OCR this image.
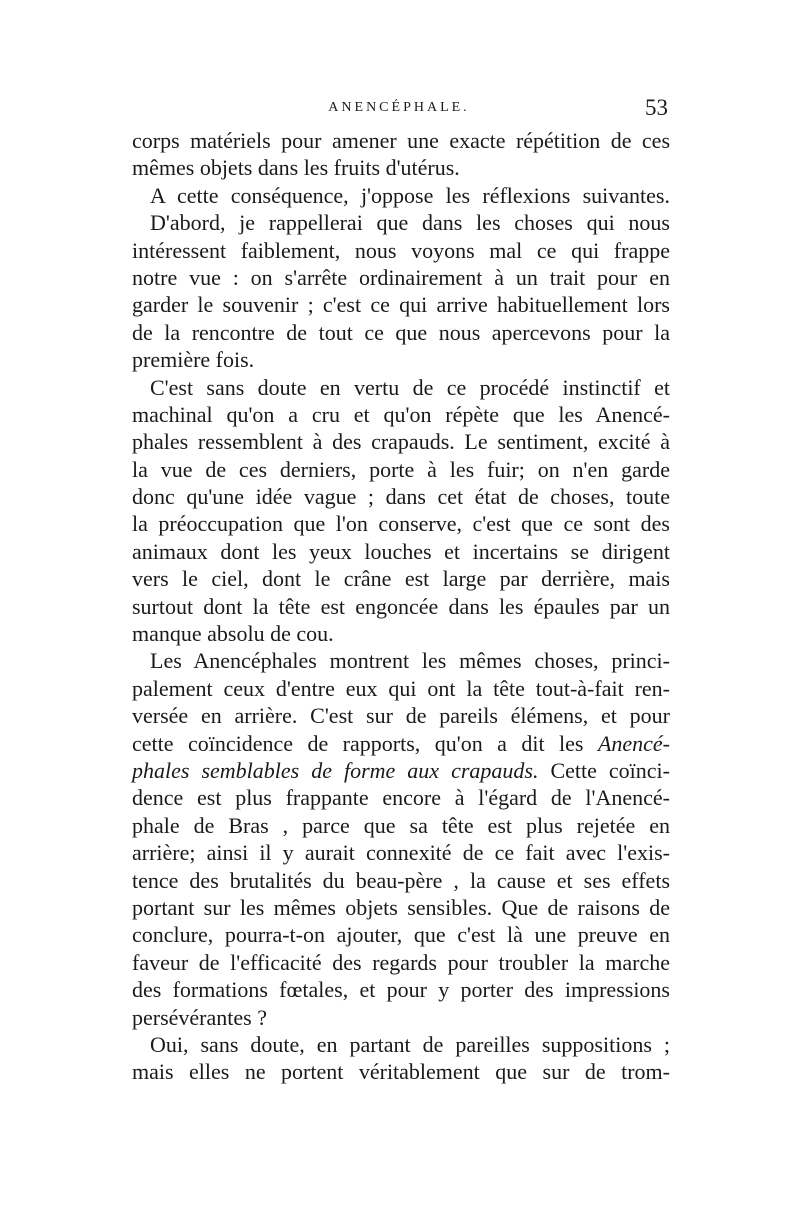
ANENCÉPHALE.	53
corps matériels pour amener une exacte répétition de ces
mêmes objets dans les fruits d'utérus.
A cette conséquence, j'oppose les réflexions suivantes.
D'abord, je rappellerai que dans les choses qui nous
intéressent faiblement, nous voyons mal ce qui frappe
notre vue : on s'arrête ordinairement à un trait pour en
garder le souvenir ; c'est ce qui arrive habituellement lors
de la rencontre de tout ce que nous apercevons pour la
première fois.
C'est sans doute en vertu de ce procédé instinctif et
machinal qu'on a cru et qu'on répète que les Anencé-
phales ressemblent à des crapauds. Le sentiment, excité à
la vue de ces derniers, porte à les fuir; on n'en garde
donc qu'une idée vague ; dans cet état de choses, toute
la préoccupation que l'on conserve, c'est que ce sont des
animaux dont les yeux louches et incertains se dirigent
vers le ciel, dont le crâne est large par derrière, mais
surtout dont la tête est engoncée dans les épaules par un
manque absolu de cou.
Les Anencéphales montrent les mêmes choses, princi-
palement ceux d'entre eux qui ont la tête tout-à-fait ren-
versée en arrière. C'est sur de pareils élémens, et pour
cette coïncidence de rapports, qu'on a dit les Anencé-
phales semblables de forme aux crapauds. Cette coïnci-
dence est plus frappante encore à l'égard de l'Anencé-
phale de Bras , parce que sa tête est plus rejetée en
arrière; ainsi il y aurait connexité de ce fait avec l'exis-
tence des brutalités du beau-père , la cause et ses effets
portant sur les mêmes objets sensibles. Que de raisons de
conclure, pourra-t-on ajouter, que c'est là une preuve en
faveur de l'efficacité des regards pour troubler la marche
des formations fœtales, et pour y porter des impressions
persévérantes ?
Oui, sans doute, en partant de pareilles suppositions ;
mais elles ne portent véritablement que sur de trom-
